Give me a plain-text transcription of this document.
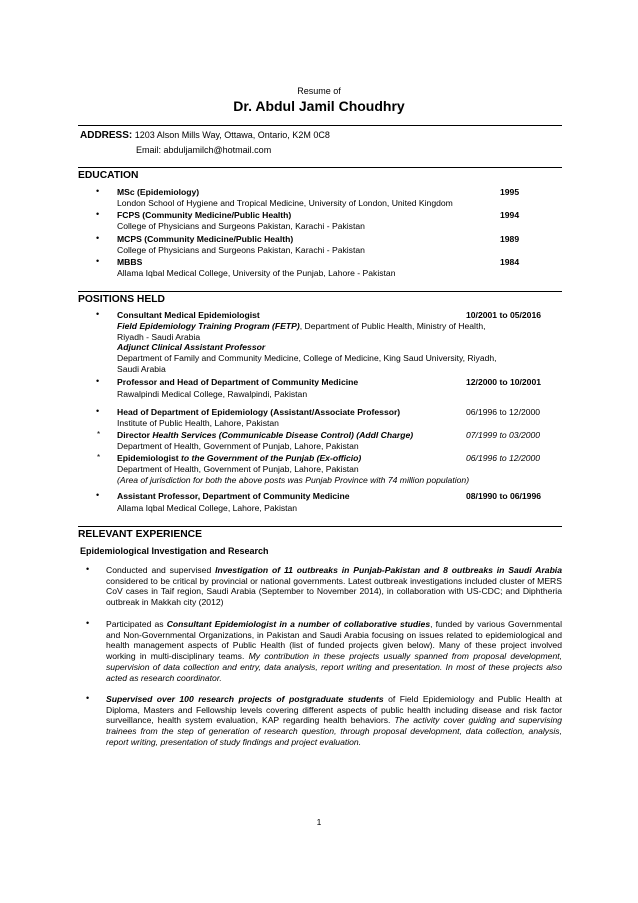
Resume of
Dr. Abdul Jamil Choudhry
ADDRESS: 1203 Alson Mills Way, Ottawa, Ontario, K2M 0C8
Email: abduljamilch@hotmail.com
EDUCATION
• MSc (Epidemiology)
London School of Hygiene and Tropical Medicine, University of London, United Kingdom
1995
• FCPS (Community Medicine/Public Health)
College of Physicians and Surgeons Pakistan, Karachi - Pakistan
1994
• MCPS (Community Medicine/Public Health)
College of Physicians and Surgeons Pakistan, Karachi - Pakistan
1989
• MBBS
Allama Iqbal Medical College, University of the Punjab, Lahore - Pakistan
1984
POSITIONS HELD
• Consultant Medical Epidemiologist
Field Epidemiology Training Program (FETP), Department of Public Health, Ministry of Health,
Riyadh - Saudi Arabia
Adjunct Clinical Assistant Professor
Department of Family and Community Medicine, College of Medicine, King Saud University, Riyadh,
Saudi Arabia
10/2001 to 05/2016
• Professor and Head of Department of Community Medicine
Rawalpindi Medical College, Rawalpindi, Pakistan
12/2000 to 10/2001
• Head of Department of Epidemiology (Assistant/Associate Professor)
Institute of Public Health, Lahore, Pakistan
06/1996 to 12/2000
* Director Health Services (Communicable Disease Control) (Addl Charge)
Department of Health, Government of Punjab, Lahore, Pakistan
07/1999 to 03/2000
* Epidemiologist to the Government of the Punjab (Ex-officio)
Department of Health, Government of Punjab, Lahore, Pakistan
(Area of jurisdiction for both the above posts was Punjab Province with 74 million population)
06/1996 to 12/2000
• Assistant Professor, Department of Community Medicine
Allama Iqbal Medical College, Lahore, Pakistan
08/1990 to 06/1996
RELEVANT EXPERIENCE
Epidemiological Investigation and Research
• Conducted and supervised Investigation of 11 outbreaks in Punjab-Pakistan and 8 outbreaks in Saudi Arabia considered to be critical by provincial or national governments. Latest outbreak investigations included cluster of MERS CoV cases in Taif region, Saudi Arabia (September to November 2014), in collaboration with US-CDC; and Diphtheria outbreak in Makkah city (2012)
• Participated as Consultant Epidemiologist in a number of collaborative studies, funded by various Governmental and Non-Governmental Organizations, in Pakistan and Saudi Arabia focusing on issues related to epidemiological and health management aspects of Public Health (list of funded projects given below). Many of these project involved working in multi-disciplinary teams. My contribution in these projects usually spanned from proposal development, supervision of data collection and entry, data analysis, report writing and presentation. In most of these projects also acted as research coordinator.
• Supervised over 100 research projects of postgraduate students of Field Epidemiology and Public Health at Diploma, Masters and Fellowship levels covering different aspects of public health including disease and risk factor surveillance, health system evaluation, KAP regarding health behaviors. The activity cover guiding and supervising trainees from the step of generation of research question, through proposal development, data collection, analysis, report writing, presentation of study findings and project evaluation.
1
